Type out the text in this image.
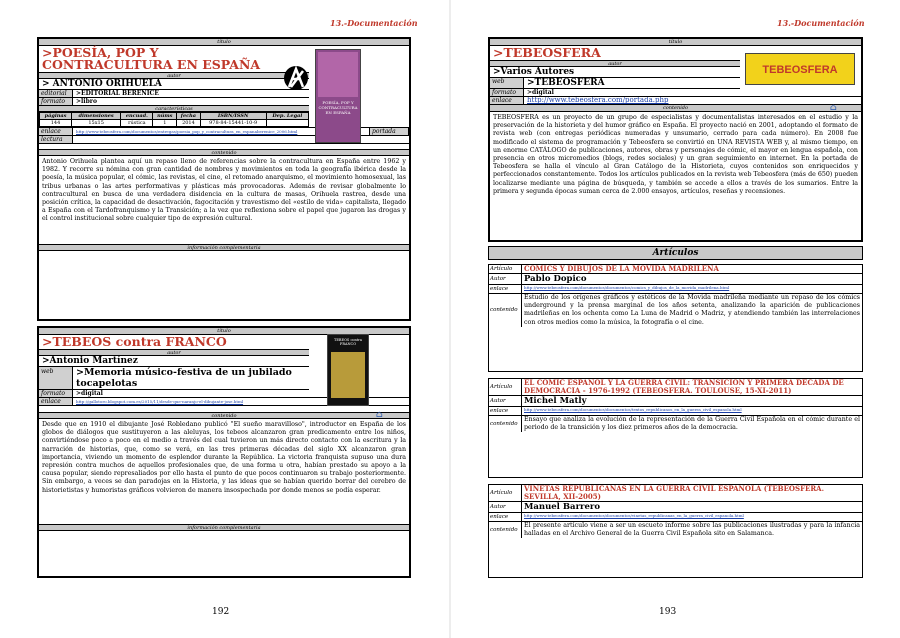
13.-Documentación
192
13.-Documentación
193
título
>POESÍA, POP Y CONTRACULTURA EN ESPAÑA
autor
> ANTONIO ORIHUELA
editorial	>EDITORIAL BERENICE
formato	>libro
características
páginas	dimensiones	encuad.	núms	fecha	ISBN/ISSN	Dep. Legal
144	15x15	rústica	1	2014	978-84-15441-10-9	
enlace	http://www.tebeosfera.com/documentos/entregas/poesia_pop_y_contracultura_en_espanaberenice_2006.html	portada
lectura
contenido
Antonio Orihuela plantea aquí un repaso lleno de referencias sobre la contracultura en España entre 1962 y 1982. Y recorre su nómina con gran cantidad de nombres y movimientos en toda la geografía ibérica desde la poesía, la música popular, el cómic, las revistas, el cine, el retomado anarquismo, el movimiento homosexual, las tribus urbanas o las artes performativas y plásticas más provocadoras. Además de revisar globalmente lo contracultural en busca de una verdadera disidencia en la cultura de masas, Orihuela rastrea, desde una posición crítica, la capacidad de desactivación, fagocitación y travestismo del «estilo de vida» capitalista, llegado a España con el Tardofranquismo y la Transición; a la vez que reflexiona sobre el papel que jugaron las drogas y el control institucional sobre cualquier tipo de expresión cultural.
información complementaria
POESÍA, POP Y CONTRACULTURA EN ESPAÑA
título
>TEBEOS contra FRANCO
autor
>Antonio Martínez
web	>Memoria músico-festiva de un jubilado tocapelotas
formato	>digital
enlace	http://gallotoro.blogspot.com.es/2015/11/desde-que-naranjo-el-dibujante-jose.html
contenido
Desde que en 1910 el dibujante José Robledano publicó "El sueño maravilloso", introductor en España de los globos de diálogos que sustituyeron a las aleluyas, los tebeos alcanzaron gran predicamento entre los niños, convirtiéndose poco a poco en el medio a través del cual tuvieron un más directo contacto con la escritura y la narración de historias, que, como se verá, en las tres primeras décadas del siglo XX alcanzaron gran importancia, viviendo un momento de esplendor durante la República. La victoria franquista supuso una dura represión contra muchos de aquellos profesionales que, de una forma u otra, habían prestado su apoyo a la causa popular, siendo represaliados por ello hasta el punto de que pocos continuaron su trabajo posteriormente. Sin embargo, a veces se dan paradojas en la Historia, y las ideas que se habían querido borrar del cerebro de historietistas y humoristas gráficos volvieron de manera insospechada por donde menos se podía esperar.
información complementaria
⌂
TEBEOS contra FRANCO
título
>TEBEOSFERA
autor
>Varios Autores
web	>TEBEOSFERA
formato	>digital
enlace	http://www.tebeosfera.com/portada.php
contenido
TEBEOSFERA es un proyecto de un grupo de especialistas y documentalistas interesados en el estudio y la preservación de la historieta y del humor gráfico en España. El proyecto nació en 2001, adoptando el formato de revista web (con entregas periódicas numeradas y unsumario, cerrado para cada número). En 2008 fue modificado el sistema de programación y Tebeosfera se convirtió en UNA REVISTA WEB y, al mismo tiempo, en un enorme CATÁLOGO de publicaciones, autores, obras y personajes de cómic, el mayor en lengua española, con presencia en otros micromedios (blogs, redes sociales) y un gran seguimiento en internet. En la portada de Tebeosfera se halla el vínculo al Gran Catálogo de la Historieta, cuyos contenidos son enriquecidos y perfeccionados constantemente. Todos los artículos publicados en la revista web Tebeosfera (más de 650) pueden localizarse mediante una página de búsqueda, y también se accede a ellos a través de los sumarios. Entre la primera y segunda épocas suman cerca de 2.000 ensayos, artículos, reseñas y recensiones.
TEBEOSFERA
⌂
Artículos
Artículo	CÓMICS Y DIBUJOS DE LA MOVIDA MADRILEÑA
Autor	Pablo Dopico
enlace	http://www.tebeosfera.com/documentos/documentos/comics_y_dibujos_de_la_movida_madrilena.html
contenido
Estudio de los orígenes gráficos y estéticos de la Movida madrileña mediante un repaso de los cómics underground y la prensa marginal de los años setenta, analizando la aparición de publicaciones madrileñas en los ochenta como La Luna de Madrid o Madriz, y atendiendo también las interrelaciones con otros medios como la música, la fotografía o el cine.
Artículo	EL CÓMIC ESPAÑOL Y LA GUERRA CIVIL: TRANSICIÓN Y PRIMERA DÉCADA DE DEMOCRACIA - 1976-1992 (TEBEOSFERA. TOULOUSE, 15-XI-2011)
Autor	Michel Matly
enlace	http://www.tebeosfera.com/documentos/documentos/textos_republicanos_en_la_guerra_civil_espanola.html
contenido
Ensayo que analiza la evolución de la representación de la Guerra Civil Española en el cómic durante el periodo de la transición y los diez primeros años de la democracia.
Artículo	VIÑETAS REPUBLICANAS EN LA GUERRA CIVIL ESPAÑOLA (TEBEOSFERA. SEVILLA, XII-2005)
Autor	Manuel Barrero
enlace	http://www.tebeosfera.com/documentos/documentos/vinetas_republicanas_en_la_guerra_civil_espanola.html
contenido
El presente artículo viene a ser un escueto informe sobre las publicaciones ilustradas y para la infancia halladas en el Archivo General de la Guerra Civil Española sito en Salamanca.
